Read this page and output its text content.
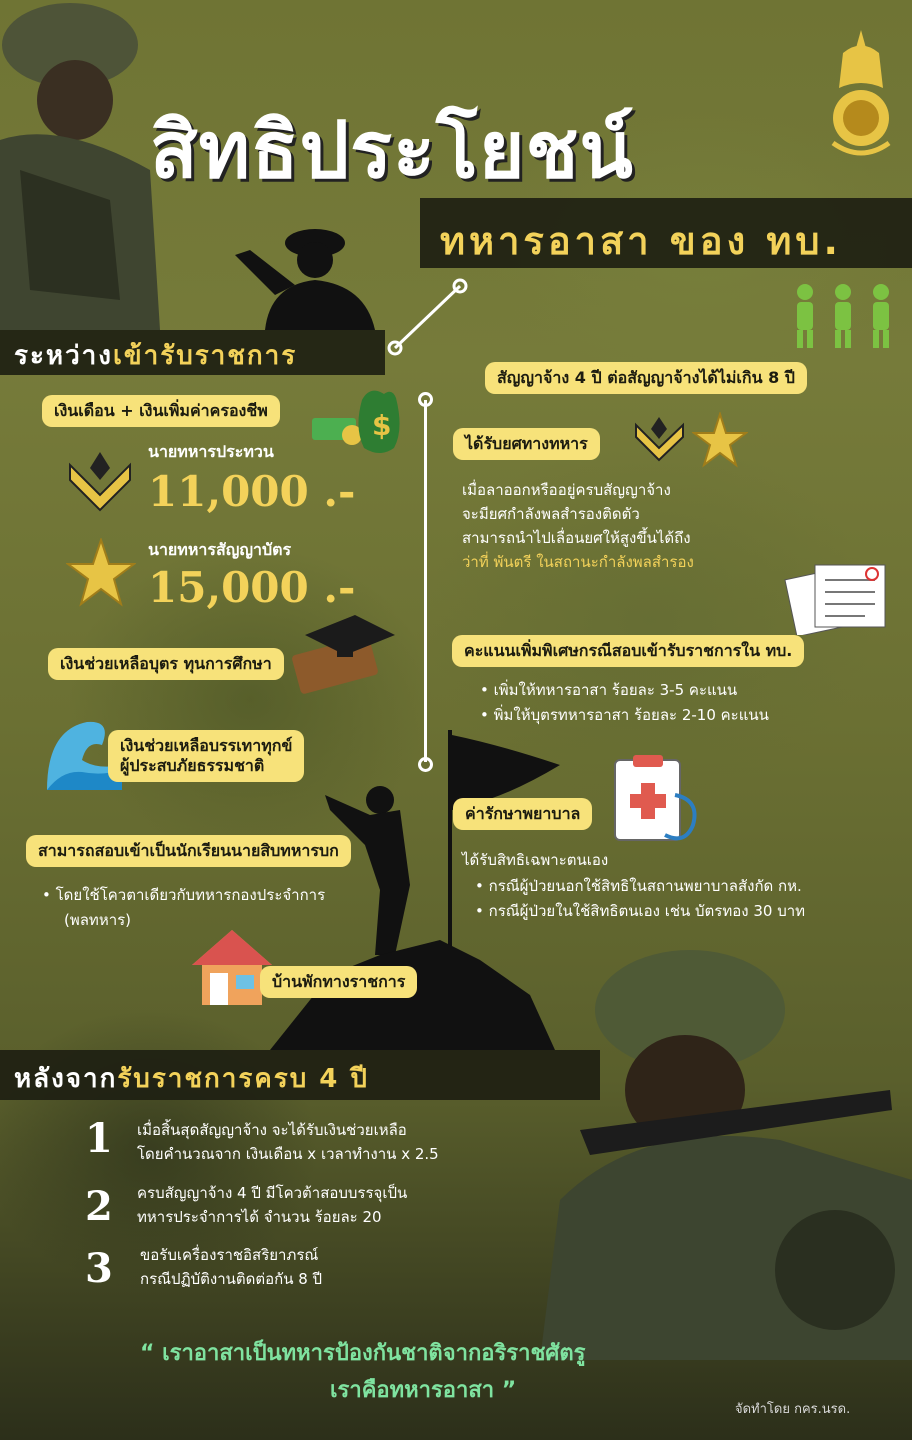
สิทธิประโยชน์
ทหารอาสา ของ ทบ.
ระหว่างเข้ารับราชการ
เงินเดือน + เงินเพิ่มค่าครองชีพ	$
นายทหารประทวน
11,000 .-
นายทหารสัญญาบัตร
15,000 .-
เงินช่วยเหลือบุตร ทุนการศึกษา
เงินช่วยเหลือบรรเทาทุกข์
ผู้ประสบภัยธรรมชาติ
สามารถสอบเข้าเป็นนักเรียนนายสิบทหารบก
• โดยใช้โควตาเดียวกับทหารกองประจำการ
(พลทหาร)
บ้านพักทางราชการ
สัญญาจ้าง 4 ปี ต่อสัญญาจ้างได้ไม่เกิน 8 ปี
ได้รับยศทางทหาร
เมื่อลาออกหรืออยู่ครบสัญญาจ้าง
จะมียศกำลังพลสำรองติดตัว
สามารถนำไปเลื่อนยศให้สูงขึ้นได้ถึง
ว่าที่ พันตรี ในสถานะกำลังพลสำรอง
คะแนนเพิ่มพิเศษกรณีสอบเข้ารับราชการใน ทบ.
• เพิ่มให้ทหารอาสา ร้อยละ 3-5 คะแนน
• พิ่มให้บุตรทหารอาสา ร้อยละ 2-10 คะแนน
ค่ารักษาพยาบาล
ได้รับสิทธิเฉพาะตนเอง
• กรณีผู้ป่วยนอกใช้สิทธิในสถานพยาบาลสังกัด กห.
• กรณีผู้ป่วยในใช้สิทธิตนเอง เช่น บัตรทอง 30 บาท
หลังจากรับราชการครบ 4 ปี
1 เมื่อสิ้นสุดสัญญาจ้าง จะได้รับเงินช่วยเหลือ
โดยคำนวณจาก เงินเดือน x เวลาทำงาน x 2.5
2 ครบสัญญาจ้าง 4 ปี มีโควต้าสอบบรรจุเป็น
ทหารประจำการได้ จำนวน ร้อยละ 20
3 ขอรับเครื่องราชอิสริยาภรณ์
กรณีปฏิบัติงานติดต่อกัน 8 ปี
“ เราอาสาเป็นทหารป้องกันชาติจากอริราชศัตรู
เราคือทหารอาสา ”
จัดทำโดย กคร.นรด.
